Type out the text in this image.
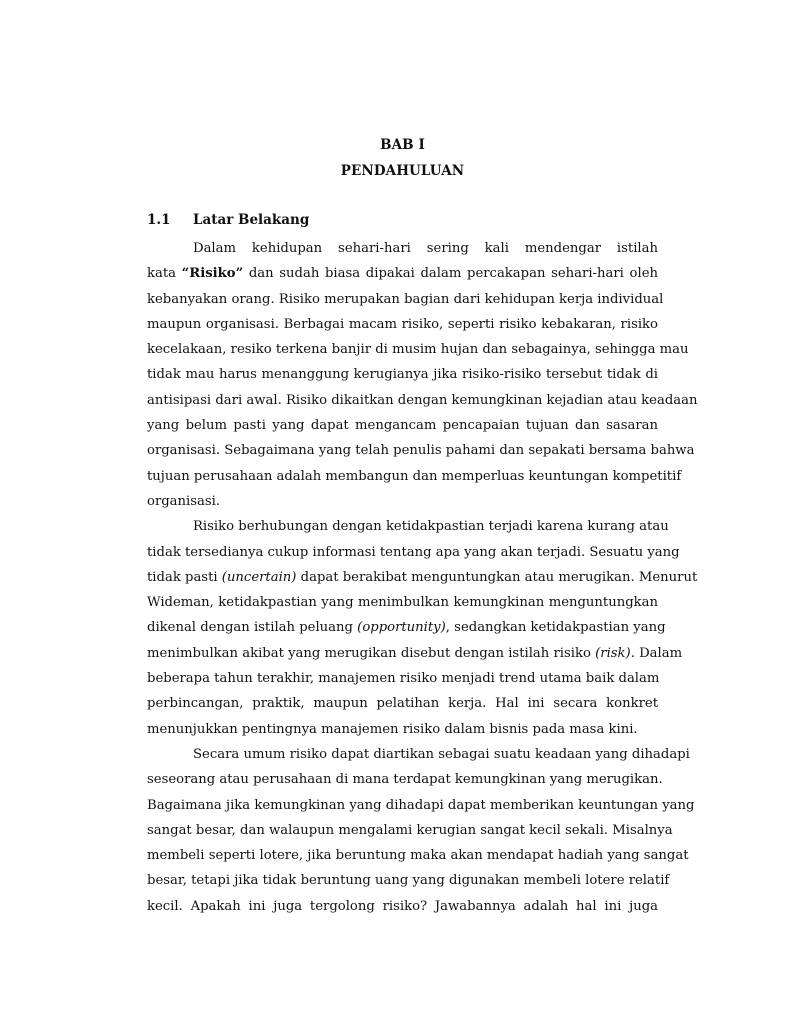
BAB I
PENDAHULUAN
1.1 Latar Belakang
Dalam kehidupan sehari-hari sering kali mendengar istilah
kata “Risiko” dan sudah biasa dipakai dalam percakapan sehari-hari oleh
kebanyakan orang. Risiko merupakan bagian dari kehidupan kerja individual
maupun organisasi. Berbagai macam risiko, seperti risiko kebakaran, risiko
kecelakaan, resiko terkena banjir di musim hujan dan sebagainya, sehingga mau
tidak mau harus menanggung kerugianya jika risiko-risiko tersebut tidak di
antisipasi dari awal. Risiko dikaitkan dengan kemungkinan kejadian atau keadaan
yang belum pasti yang dapat mengancam pencapaian tujuan dan sasaran
organisasi. Sebagaimana yang telah penulis pahami dan sepakati bersama bahwa
tujuan perusahaan adalah membangun dan memperluas keuntungan kompetitif
organisasi.
Risiko berhubungan dengan ketidakpastian terjadi karena kurang atau
tidak tersedianya cukup informasi tentang apa yang akan terjadi. Sesuatu yang
tidak pasti (uncertain) dapat berakibat menguntungkan atau merugikan. Menurut
Wideman, ketidakpastian yang menimbulkan kemungkinan menguntungkan
dikenal dengan istilah peluang (opportunity), sedangkan ketidakpastian yang
menimbulkan akibat yang merugikan disebut dengan istilah risiko (risk). Dalam
beberapa tahun terakhir, manajemen risiko menjadi trend utama baik dalam
perbincangan, praktik, maupun pelatihan kerja. Hal ini secara konkret
menunjukkan pentingnya manajemen risiko dalam bisnis pada masa kini.
Secara umum risiko dapat diartikan sebagai suatu keadaan yang dihadapi
seseorang atau perusahaan di mana terdapat kemungkinan yang merugikan.
Bagaimana jika kemungkinan yang dihadapi dapat memberikan keuntungan yang
sangat besar, dan walaupun mengalami kerugian sangat kecil sekali. Misalnya
membeli seperti lotere, jika beruntung maka akan mendapat hadiah yang sangat
besar, tetapi jika tidak beruntung uang yang digunakan membeli lotere relatif
kecil. Apakah ini juga tergolong risiko? Jawabannya adalah hal ini juga
